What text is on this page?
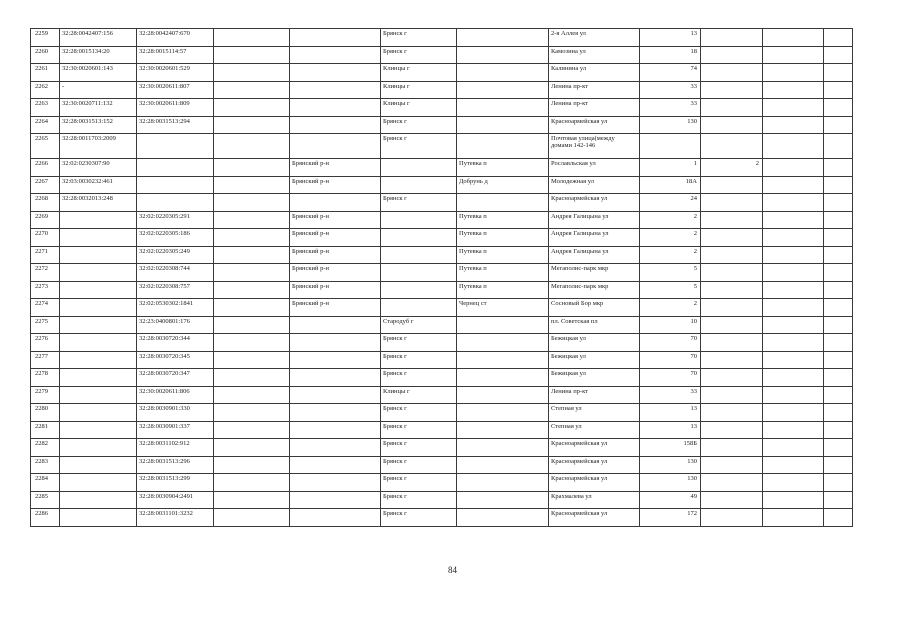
2259	32:28:0042407:156	32:28:0042407:670			Брянск г		2-я Аллея ул	13			
2260	32:28:0015134:20	32:28:0015114:57			Брянск г		Камозина ул	18			
2261	32:30:0020601:143	32:30:0020601:529			Клинцы г		Калинина ул	74			
2262	-	32:30:0020611:807			Клинцы г		Ленина пр-кт	33			
2263	32:30:0020711:132	32:30:0020611:809			Клинцы г		Ленина пр-кт	33			
2264	32:28:0031513:152	32:28:0031513:294			Брянск г		Красноармейская ул	130			
2265	32:28:0011703:2009				Брянск г		Почтовая улица(между домами 142-146				
2266	32:02:0230307:90			Брянский р-н		Путевка п	Рославльская ул	1	2		
2267	32:03:0030232:461			Брянский р-н		Добрунь д	Молодежная ул	18А			
2268	32:28:0032013:248				Брянск г		Красноармейская ул	24			
2269		32:02:0220305:291		Брянский р-н		Путевка п	Андрея Галицына ул	2			
2270		32:02:0220305:186		Брянский р-н		Путевка п	Андрея Галицына ул	2			
2271		32:02:0220305:249		Брянский р-н		Путевка п	Андрея Галицына ул	2			
2272		32:02:0220308:744		Брянский р-н		Путевка п	Мегаполис-парк мкр	5			
2273		32:02:0220308:757		Брянский р-н		Путевка п	Мегаполис-парк мкр	5			
2274		32:02:0530302:1841		Брянский р-н		Чернец ст	Сосновый Бор мкр	2			
2275		32:23:0400801:176			Стародуб г		пл. Советская пл	10			
2276		32:28:0030720:344			Брянск г		Бежицкая ул	70			
2277		32:28:0030720:345			Брянск г		Бежицкая ул	70			
2278		32:28:0030720:347			Брянск г		Бежицкая ул	70			
2279		32:30:0020611:806			Клинцы г		Ленина пр-кт	33			
2280		32:28:0030901:330			Брянск г		Степная ул	13			
2281		32:28:0030901:337			Брянск г		Степная ул	13			
2282		32:28:0031102:912			Брянск г		Красноармейская ул	158Б			
2283		32:28:0031513:296			Брянск г		Красноармейская ул	130			
2284		32:28:0031513:299			Брянск г		Красноармейская ул	130			
2285		32:28:0030904:2491			Брянск г		Крахмалева ул	49			
2286		32:28:0031101:3232			Брянск г		Красноармейская ул	172			
84
